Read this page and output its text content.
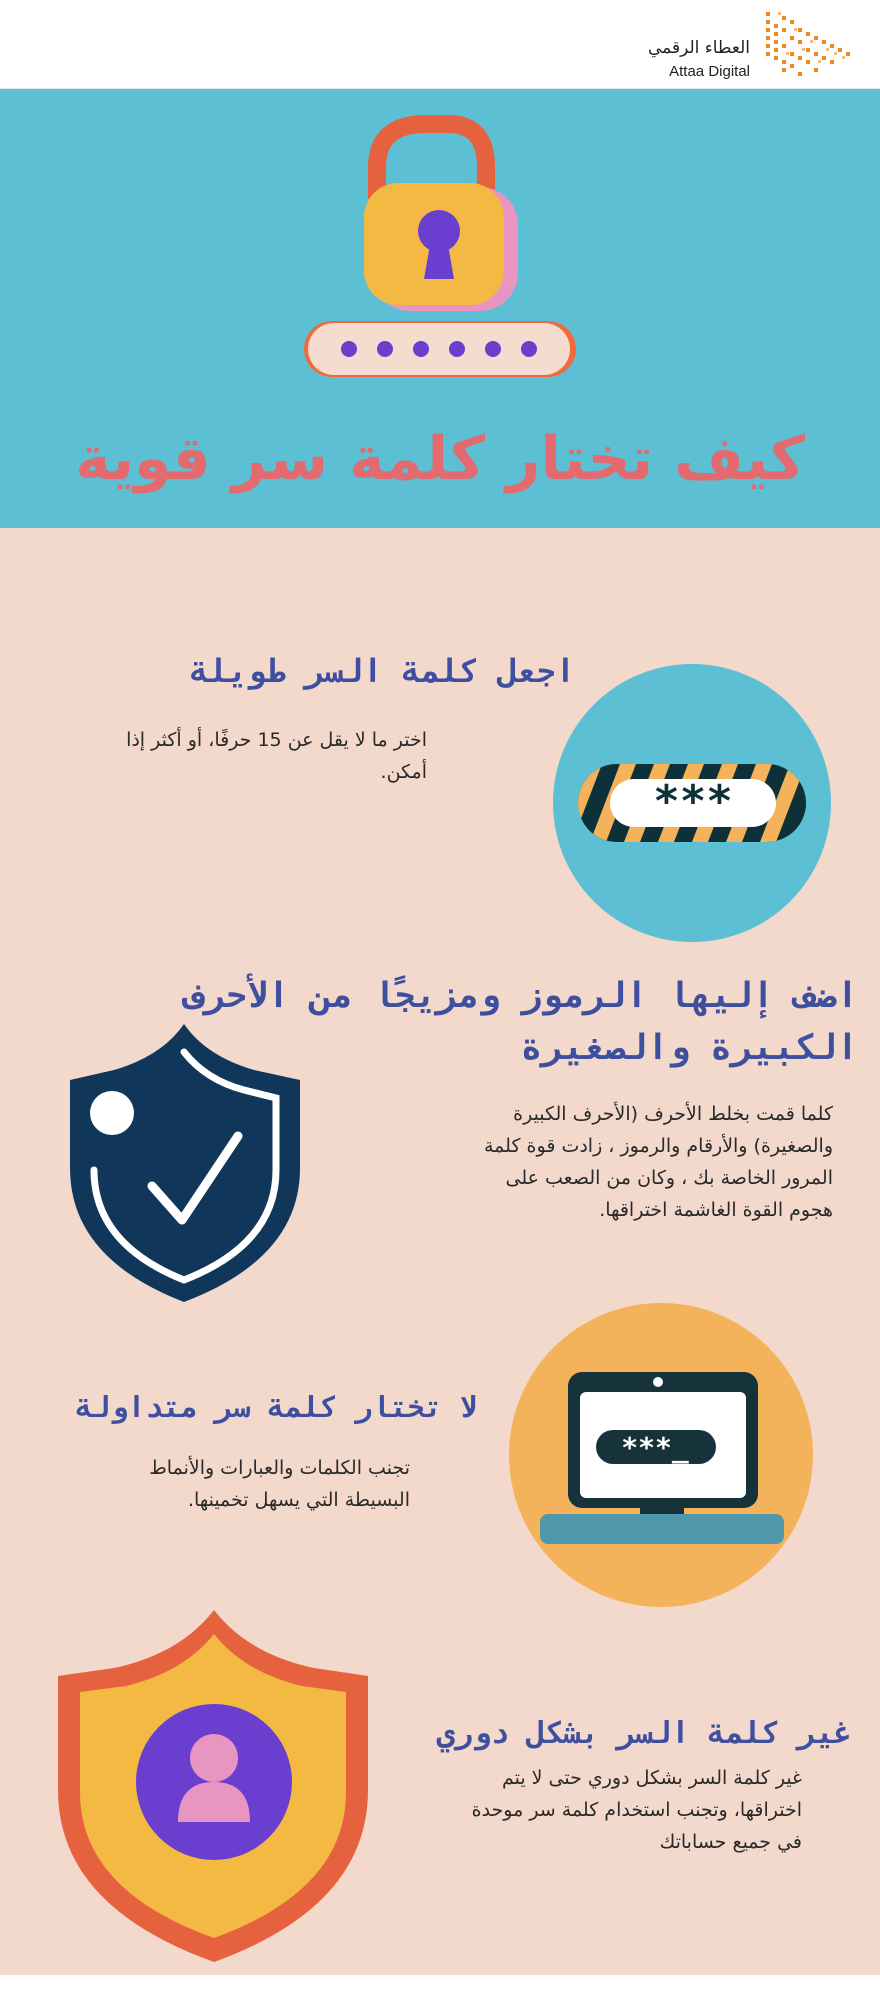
العطاء الرقمي
Attaa Digital
كيف تختار كلمة سر قوية
اجعل كلمة السر طويلة
اختر ما لا يقل عن 15 حرفًا، أو أكثر إذا
أمكن.
***
اضف إليها الرموز ومزيجًا من الأحرف
الكبيرة والصغيرة
كلما قمت بخلط الأحرف (الأحرف الكبيرة
والصغيرة) والأرقام والرموز ، زادت قوة كلمة
المرور الخاصة بك ، وكان من الصعب على
هجوم القوة الغاشمة اختراقها.
لا تختار كلمة سر متداولة
تجنب الكلمات والعبارات والأنماط
البسيطة التي يسهل تخمينها.
***_
غير كلمة السر بشكل دوري
غير كلمة السر بشكل دوري حتى لا يتم
اختراقها، وتجنب استخدام كلمة سر موحدة
في جميع حساباتك
